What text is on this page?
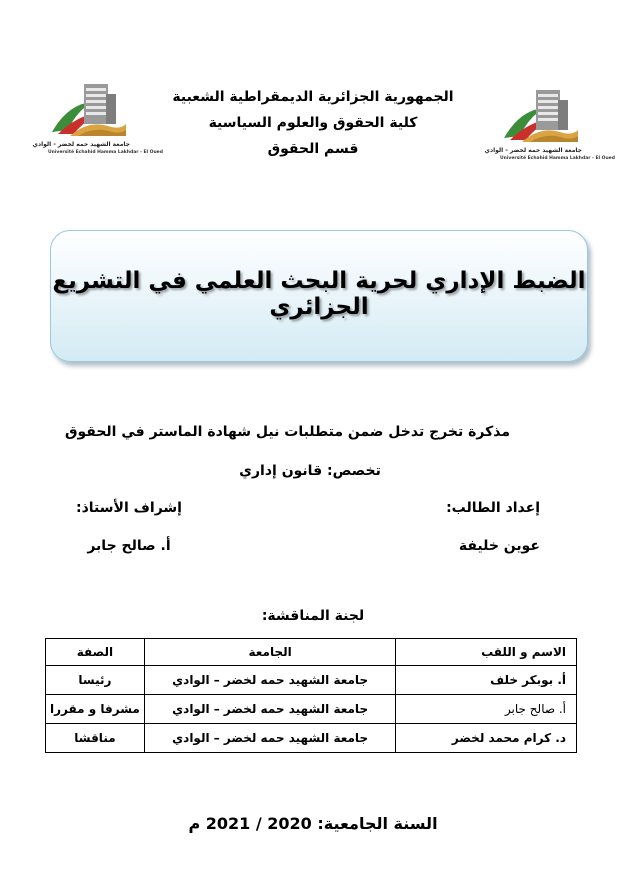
الجمهورية الجزائرية الديمقراطية الشعبية
كلية الحقوق والعلوم السياسية
قسم الحقوق
جامعة الشهيد حمه لخضر - الوادي
Université Echahid Hamma Lakhdar - El Oued	جامعة الشهيد حمه لخضر - الوادي
Université Echahid Hamma Lakhdar - El Oued
الضبط الإداري لحرية البحث العلمي في التشريع الجزائري
مذكرة تخرج تدخل ضمن متطلبات نيل شهادة الماستر في الحقوق
تخصص: قانون إداري
إعداد الطالب:
عوين خليفة
إشراف الأستاذ:
أ. صالح جابر
لجنة المناقشة:
الاسم و اللقب	الجامعة	الصفة
أ. بوبكر خلف	جامعة الشهيد حمه لخضر – الوادي	رئيسا
أ. صالح جابر	جامعة الشهيد حمه لخضر – الوادي	مشرفا و مقررا
د. كرام محمد لخضر	جامعة الشهيد حمه لخضر – الوادي	مناقشا
السنة الجامعية: 2020 / 2021 م
